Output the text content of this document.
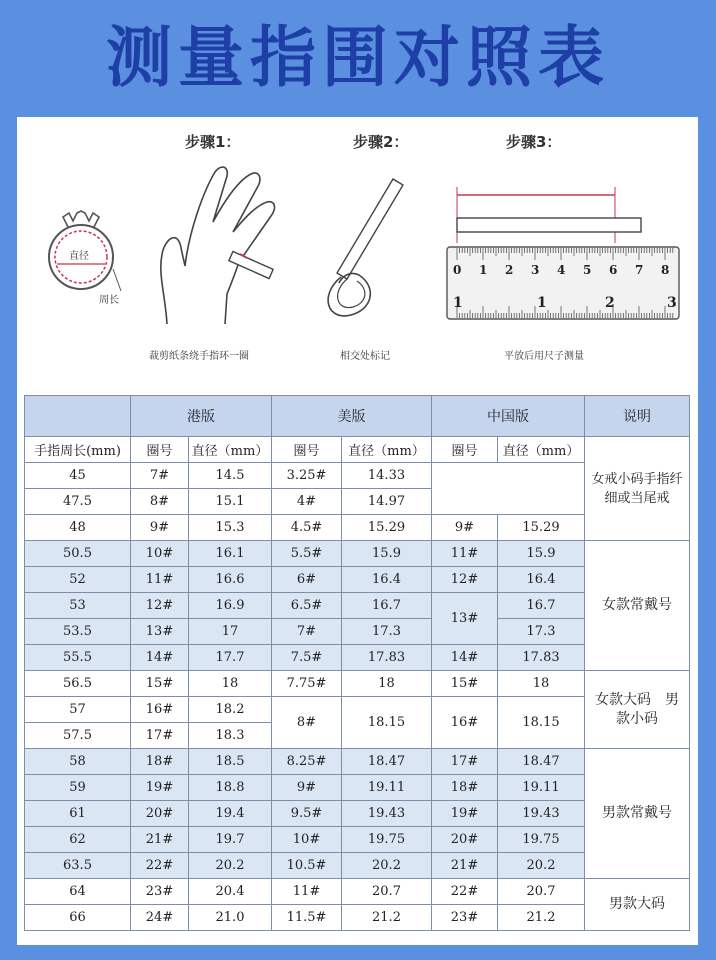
测量指围对照表
直径
周长
步骤1：
裁剪纸条绕手指环一圈
步骤2：
相交处标记
步骤3：
0 1 2 3 4 5 6 7 8
1	1	2	3
平放后用尺子测量
	港版		美版		中国版		说明
手指周长(mm)	圈号	直径（mm）	圈号	直径（mm）	圈号	直径（mm）	女戒小码手指纤细或当尾戒
45	7#	14.5	3.25#	14.33			
47.5	8#	15.1	4#	14.97			
48	9#	15.3	4.5#	15.29	9#	15.29	
50.5	10#	16.1	5.5#	15.9	11#	15.9	女款常戴号
52	11#	16.6	6#	16.4	12#	16.4	
53	12#	16.9	6.5#	16.7	13#	16.7	
53.5	13#	17	7#	17.3		17.3	
55.5	14#	17.7	7.5#	17.83	14#	17.83	
56.5	15#	18	7.75#	18	15#	18	女款大码　男款小码
57	16#	18.2	8#	18.15	16#	18.15	
57.5	17#	18.3					
58	18#	18.5	8.25#	18.47	17#	18.47	男款常戴号
59	19#	18.8	9#	19.11	18#	19.11	
61	20#	19.4	9.5#	19.43	19#	19.43	
62	21#	19.7	10#	19.75	20#	19.75	
63.5	22#	20.2	10.5#	20.2	21#	20.2	
64	23#	20.4	11#	20.7	22#	20.7	男款大码
66	24#	21.0	11.5#	21.2	23#	21.2	
